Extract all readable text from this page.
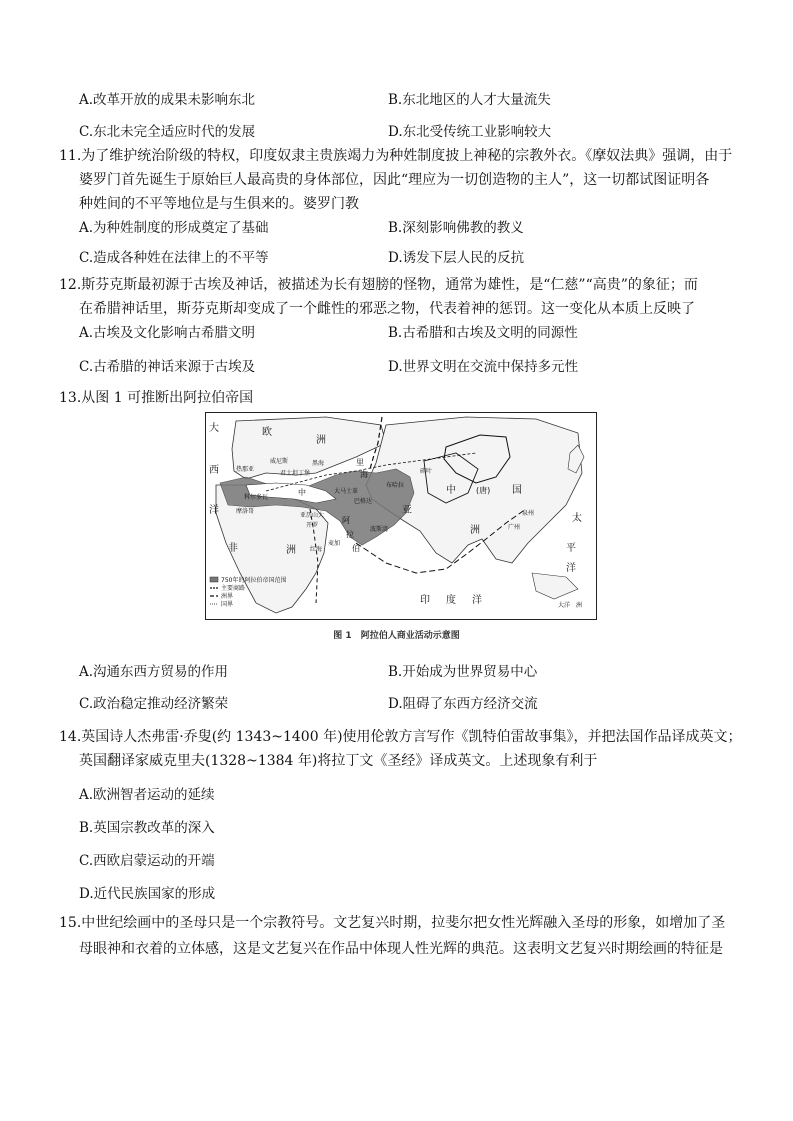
A.改革开放的成果未影响东北	B.东北地区的人才大量流失
C.东北未完全适应时代的发展	D.东北受传统工业影响较大
11.为了维护统治阶级的特权，印度奴隶主贵族竭力为种姓制度披上神秘的宗教外衣。《摩奴法典》强调，由于
婆罗门首先诞生于原始巨人最高贵的身体部位，因此“理应为一切创造物的主人”，这一切都试图证明各
种姓间的不平等地位是与生俱来的。婆罗门教
A.为种姓制度的形成奠定了基础	B.深刻影响佛教的教义
C.造成各种姓在法律上的不平等	D.诱发下层人民的反抗
12.斯芬克斯最初源于古埃及神话，被描述为长有翅膀的怪物，通常为雄性，是“仁慈”“高贵”的象征；而
在希腊神话里，斯芬克斯却变成了一个雌性的邪恶之物，代表着神的惩罚。这一变化从本质上反映了
A.古埃及文化影响古希腊文明	B.古希腊和古埃及文明的同源性
C.古希腊的神话来源于古埃及	D.世界文明在交流中保持多元性
13.从图 1 可推断出阿拉伯帝国
大	欧
洲
西
洋
威尼斯
热那亚
君士坦丁堡
黑海	里
海
中
科尔多瓦
大马士革
巴格达
布哈拉
碎叶
中	(唐) 国
亚
洲
波斯湾
阿
拉
伯
麦加
红海
亚历山大
开罗
摩洛哥
非	洲
印 度 洋
太
平
洋
广州
泉州
大洋 洲
750年的阿拉伯帝国范围
主要商路
洲界
国界
图 1　阿拉伯人商业活动示意图
A.沟通东西方贸易的作用	B.开始成为世界贸易中心
C.政治稳定推动经济繁荣	D.阻碍了东西方经济交流
14.英国诗人杰弗雷·乔叟(约 1343~1400 年)使用伦敦方言写作《凯特伯雷故事集》，并把法国作品译成英文；
英国翻译家威克里夫(1328~1384 年)将拉丁文《圣经》译成英文。上述现象有利于
A.欧洲智者运动的延续
B.英国宗教改革的深入
C.西欧启蒙运动的开端
D.近代民族国家的形成
15.中世纪绘画中的圣母只是一个宗教符号。文艺复兴时期，拉斐尔把女性光辉融入圣母的形象，如增加了圣
母眼神和衣着的立体感，这是文艺复兴在作品中体现人性光辉的典范。这表明文艺复兴时期绘画的特征是
